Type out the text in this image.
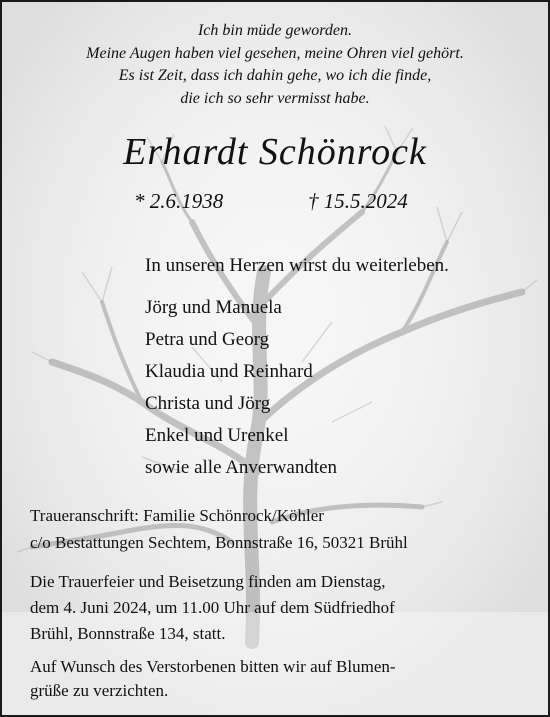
Ich bin müde geworden.
Meine Augen haben viel gesehen, meine Ohren viel gehört.
Es ist Zeit, dass ich dahin gehe, wo ich die finde,
die ich so sehr vermisst habe.
Erhardt Schönrock
* 2.6.1938	† 15.5.2024
In unseren Herzen wirst du weiterleben.
Jörg und Manuela
Petra und Georg
Klaudia und Reinhard
Christa und Jörg
Enkel und Urenkel
sowie alle Anverwandten
Traueranschrift: Familie Schönrock/Köhler
c/o Bestattungen Sechtem, Bonnstraße 16, 50321 Brühl
Die Trauerfeier und Beisetzung finden am Dienstag,
dem 4. Juni 2024, um 11.00 Uhr auf dem Südfriedhof
Brühl, Bonnstraße 134, statt.
Auf Wunsch des Verstorbenen bitten wir auf Blumen-
grüße zu verzichten.
